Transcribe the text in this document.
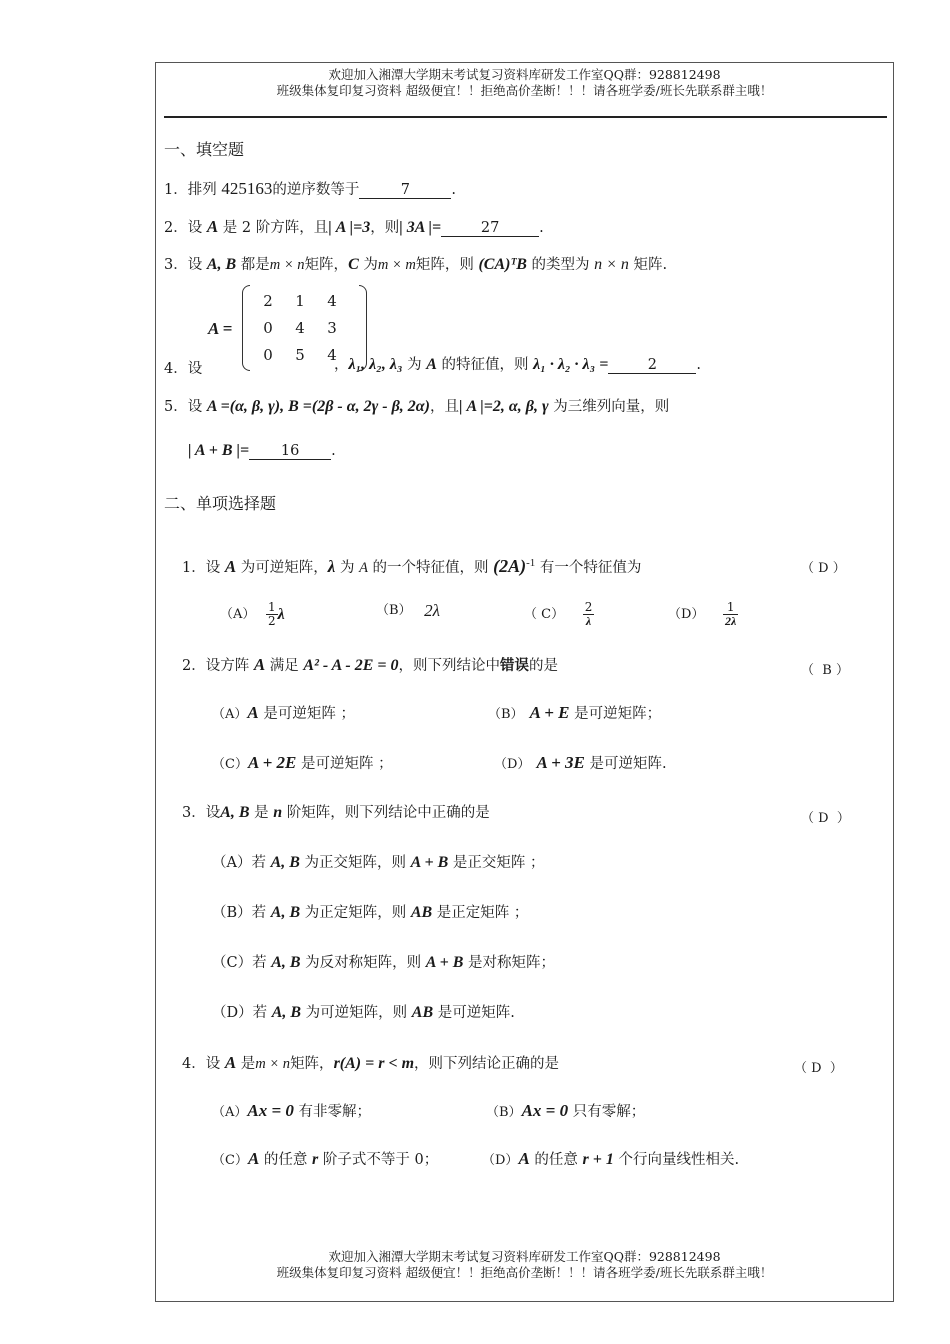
欢迎加入湘潭大学期末考试复习资料库研发工作室QQ群：928812498
班级集体复印复习资料 超级便宜！！拒绝高价垄断！！！请各班学委/班长先联系群主哦！
一、填空题
1．排列 425163的逆序数等于	7	.
2．设 A 是 2 阶方阵，且| A |=3，则| 3A |=	27	.
3．设 A, B 都是m × n矩阵，C 为m × m矩阵，则 (CA)ᵀB 的类型为 n × n 矩阵.
A =
2	1	4
0	4	3
0	5	4
4．设	，λ₁, λ₂, λ₃ 为 A 的特征值，则 λ₁ · λ₂ · λ₃ =	2	.
5．设 A =(α, β, γ), B =(2β - α, 2γ - β, 2α)，且| A |=2, α, β, γ 为三维列向量，则
| A + B |= 16 .
二、单项选择题
1．设 A 为可逆矩阵，λ 为 A 的一个特征值，则 $(2A)^{-1}$ 有一个特征值为	（ D ）
$(A) \frac{1}{2}$ λ	（B） 2λ	（ $C) \frac{2}{\lambda}$	$(D) \frac{1}{2\lambda}$
2．设方阵 A 满足 A² - A - 2E = 0，则下列结论中错误的是	（  B ）
（A）A 是可逆矩阵 ；	（B） A + E 是可逆矩阵；
（C）A + 2E 是可逆矩阵 ；	（D） A + 3E 是可逆矩阵.
3．设A, B 是 n 阶矩阵，则下列结论中正确的是	（ D  ）
（A）若 A, B 为正交矩阵，则 A + B 是正交矩阵 ；
（B）若 A, B 为正定矩阵，则 AB 是正定矩阵 ；
（C）若 A, B 为反对称矩阵，则 A + B 是对称矩阵；
（D）若 A, B 为可逆矩阵，则 AB 是可逆矩阵.
4．设 A 是m × n矩阵，r(A) = r < m，则下列结论正确的是	（ D  ）
（A）Ax = 0 有非零解；	（B）Ax = 0 只有零解；
（C）A 的任意 r 阶子式不等于 0；	（D）A 的任意 r + 1 个行向量线性相关.
欢迎加入湘潭大学期末考试复习资料库研发工作室QQ群：928812498
班级集体复印复习资料 超级便宜！！拒绝高价垄断！！！请各班学委/班长先联系群主哦！
